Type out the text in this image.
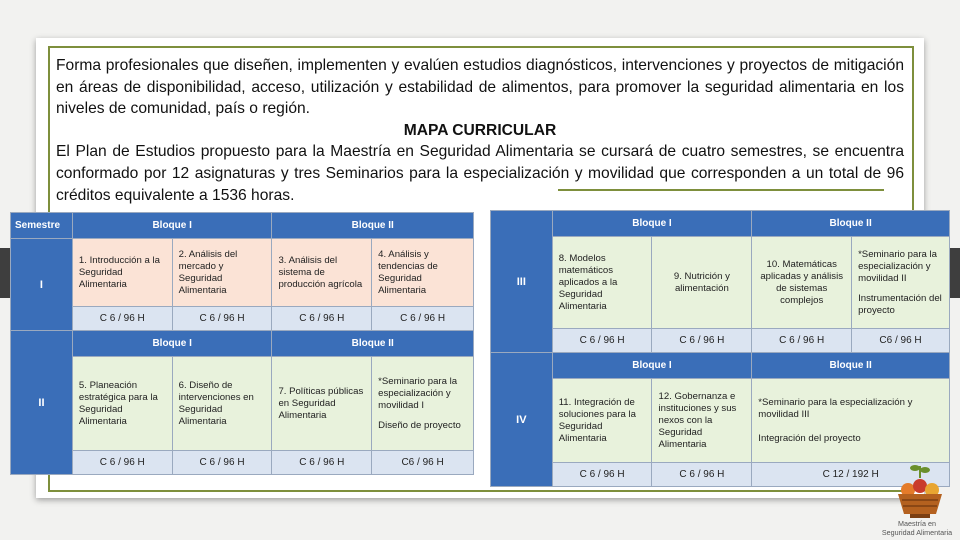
Forma profesionales que diseñen, implementen y evalúen estudios diagnósticos, intervenciones y proyectos de mitigación en áreas de disponibilidad, acceso, utilización y estabilidad de alimentos, para promover la seguridad alimentaria en los niveles de comunidad, país o región.

MAPA CURRICULAR

El Plan de Estudios propuesto para la Maestría en Seguridad Alimentaria se cursará de cuatro semestres, se encuentra conformado por 12 asignaturas y tres Seminarios para la especialización y movilidad que corresponden a un total de 96 créditos equivalente a 1536 horas.

Semestre	Bloque I		Bloque II	
I	1. Introducción a la Seguridad Alimentaria	2. Análisis del mercado y Seguridad Alimentaria	3. Análisis del sistema de producción agrícola	4. Análisis y tendencias de Seguridad Alimentaria
	C 6 / 96 H	C 6 / 96 H	C 6 / 96 H	C 6 / 96 H
II	Bloque I		Bloque II	
	5. Planeación estratégica para la Seguridad Alimentaria	6. Diseño de intervenciones en Seguridad Alimentaria	7. Políticas públicas en Seguridad Alimentaria	*Seminario para la especialización y movilidad I
Diseño de proyecto

	C 6 / 96 H	C 6 / 96 H	C 6 / 96 H	C6 / 96 H
III	Bloque I		Bloque II	
	8. Modelos matemáticos aplicados a la Seguridad Alimentaria	9. Nutrición y alimentación	10. Matemáticas aplicadas y análisis de sistemas complejos	*Seminario para la especialización y movilidad II
Instrumentación del proyecto

	C 6 / 96 H	C 6 / 96 H	C 6 / 96 H	C6 / 96 H
IV	Bloque I		Bloque II	
	11. Integración de soluciones para la Seguridad Alimentaria	12. Gobernanza e instituciones y sus nexos con la Seguridad Alimentaria	*Seminario para la especialización y movilidad III
Integración del proyecto	

	C 6 / 96 H	C 6 / 96 H	C 12 / 192 H	
Maestría en
Seguridad Alimentaria
